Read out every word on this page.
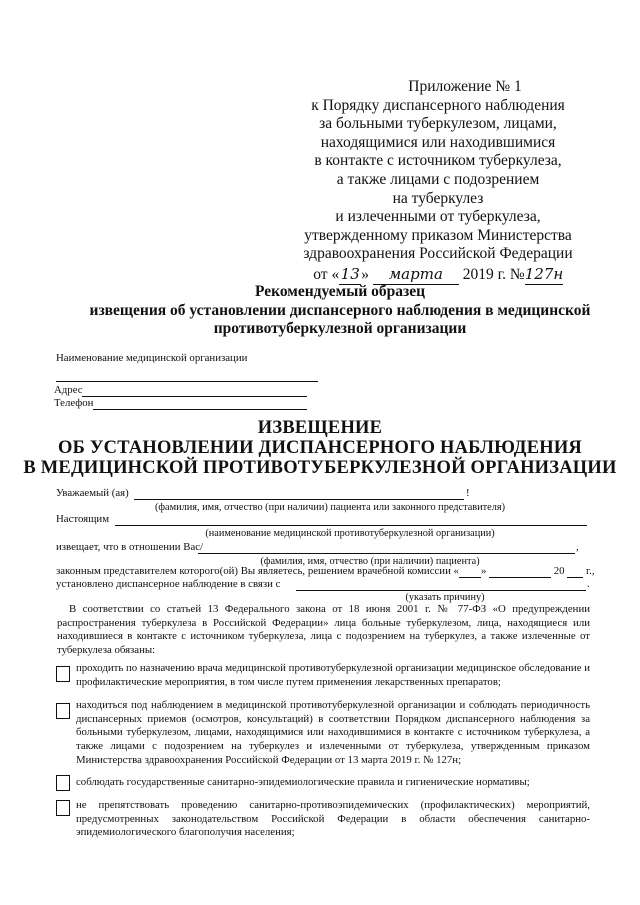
Приложение № 1
к Порядку диспансерного наблюдения
за больными туберкулезом, лицами,
находящимися или находившимися
в контакте с источником туберкулеза,
а также лицами с подозрением
на туберкулез
и излеченными от туберкулеза,
утвержденному приказом Министерства
здравоохранения Российской Федерации
от «13» марта 2019 г. №127н
Рекомендуемый образец
извещения об установлении диспансерного наблюдения в медицинской
противотуберкулезной организации
Наименование медицинской организации
Адрес
Телефон
ИЗВЕЩЕНИЕ
ОБ УСТАНОВЛЕНИИ ДИСПАНСЕРНОГО НАБЛЮДЕНИЯ
В МЕДИЦИНСКОЙ ПРОТИВОТУБЕРКУЛЕЗНОЙ ОРГАНИЗАЦИИ
Уважаемый (ая)	!
(фамилия, имя, отчество (при наличии) пациента или законного представителя)
Настоящим
(наименование медицинской противотуберкулезной организации)
извещает, что в отношении Вас/	,
(фамилия, имя, отчество (при наличии) пациента)
законным представителем которого(ой) Вы являетесь, решением врачебной комиссии « »	20 г.,
установлено диспансерное наблюдение в связи с	.
(указать причину)
В соответствии со статьей 13 Федерального закона от 18 июня 2001 г. № 77-ФЗ «О предупреждении распространения туберкулеза в Российской Федерации» лица больные туберкулезом, лица, находящиеся или находившиеся в контакте с источником туберкулеза, лица с подозрением на туберкулез, а также излеченные от туберкулеза обязаны:
проходить по назначению врача медицинской противотуберкулезной организации медицинское обследование и профилактические мероприятия, в том числе путем применения лекарственных препаратов;
находиться под наблюдением в медицинской противотуберкулезной организации и соблюдать периодичность диспансерных приемов (осмотров, консультаций) в соответствии Порядком диспансерного наблюдения за больными туберкулезом, лицами, находящимися или находившимися в контакте с источником туберкулеза, а также лицами с подозрением на туберкулез и излеченными от туберкулеза, утвержденным приказом Министерства здравоохранения Российской Федерации от 13 марта 2019 г. № 127н;
соблюдать государственные санитарно-эпидемиологические правила и гигиенические нормативы;
не препятствовать проведению санитарно-противоэпидемических (профилактических) мероприятий, предусмотренных законодательством Российской Федерации в области обеспечения санитарно-эпидемиологического благополучия населения;
